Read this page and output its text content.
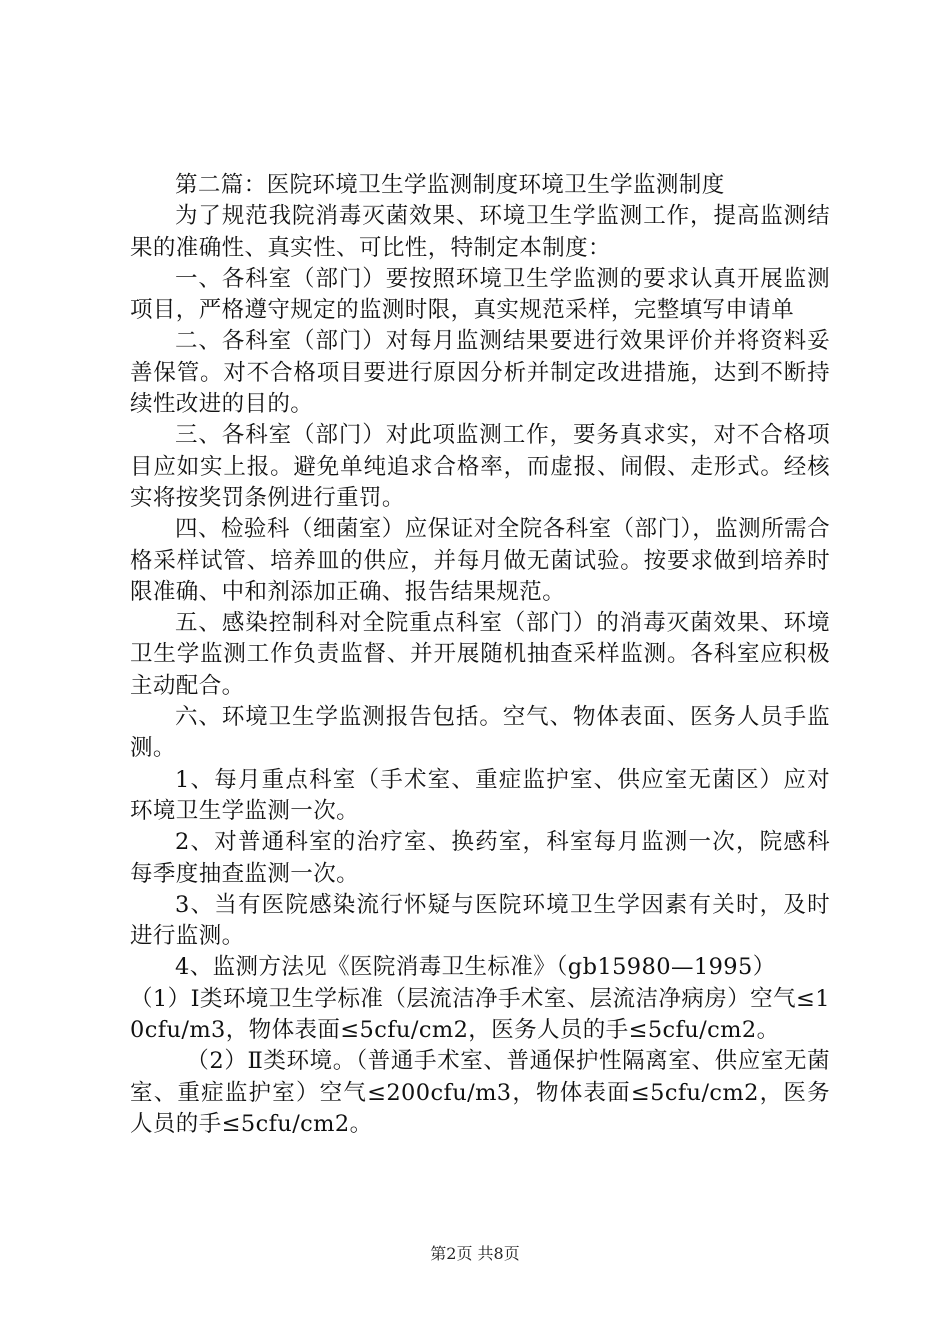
第二篇：医院环境卫生学监测制度环境卫生学监测制度

为了规范我院消毒灭菌效果、环境卫生学监测工作，提高监测结果的准确性、真实性、可比性，特制定本制度：

一、各科室（部门）要按照环境卫生学监测的要求认真开展监测项目，严格遵守规定的监测时限，真实规范采样，完整填写申请单

二、各科室（部门）对每月监测结果要进行效果评价并将资料妥善保管。对不合格项目要进行原因分析并制定改进措施，达到不断持续性改进的目的。

三、各科室（部门）对此项监测工作，要务真求实，对不合格项目应如实上报。避免单纯追求合格率，而虚报、闹假、走形式。经核实将按奖罚条例进行重罚。

四、检验科（细菌室）应保证对全院各科室（部门），监测所需合格采样试管、培养皿的供应，并每月做无菌试验。按要求做到培养时限准确、中和剂添加正确、报告结果规范。

五、感染控制科对全院重点科室（部门）的消毒灭菌效果、环境卫生学监测工作负责监督、并开展随机抽查采样监测。各科室应积极主动配合。

六、环境卫生学监测报告包括。空气、物体表面、医务人员手监测。

1、每月重点科室（手术室、重症监护室、供应室无菌区）应对环境卫生学监测一次。

2、对普通科室的治疗室、换药室，科室每月监测一次，院感科每季度抽查监测一次。

3、当有医院感染流行怀疑与医院环境卫生学因素有关时，及时进行监测。

4、监测方法见《医院消毒卫生标准》（gb15980—1995）

（1）Ⅰ类环境卫生学标准（层流洁净手术室、层流洁净病房）空气≤10cfu/m3，物体表面≤5cfu/cm2，医务人员的手≤5cfu/cm2。

（2）Ⅱ类环境。（普通手术室、普通保护性隔离室、供应室无菌室、重症监护室）空气≤200cfu/m3，物体表面≤5cfu/cm2，医务人员的手≤5cfu/cm2。

第2页 共8页
